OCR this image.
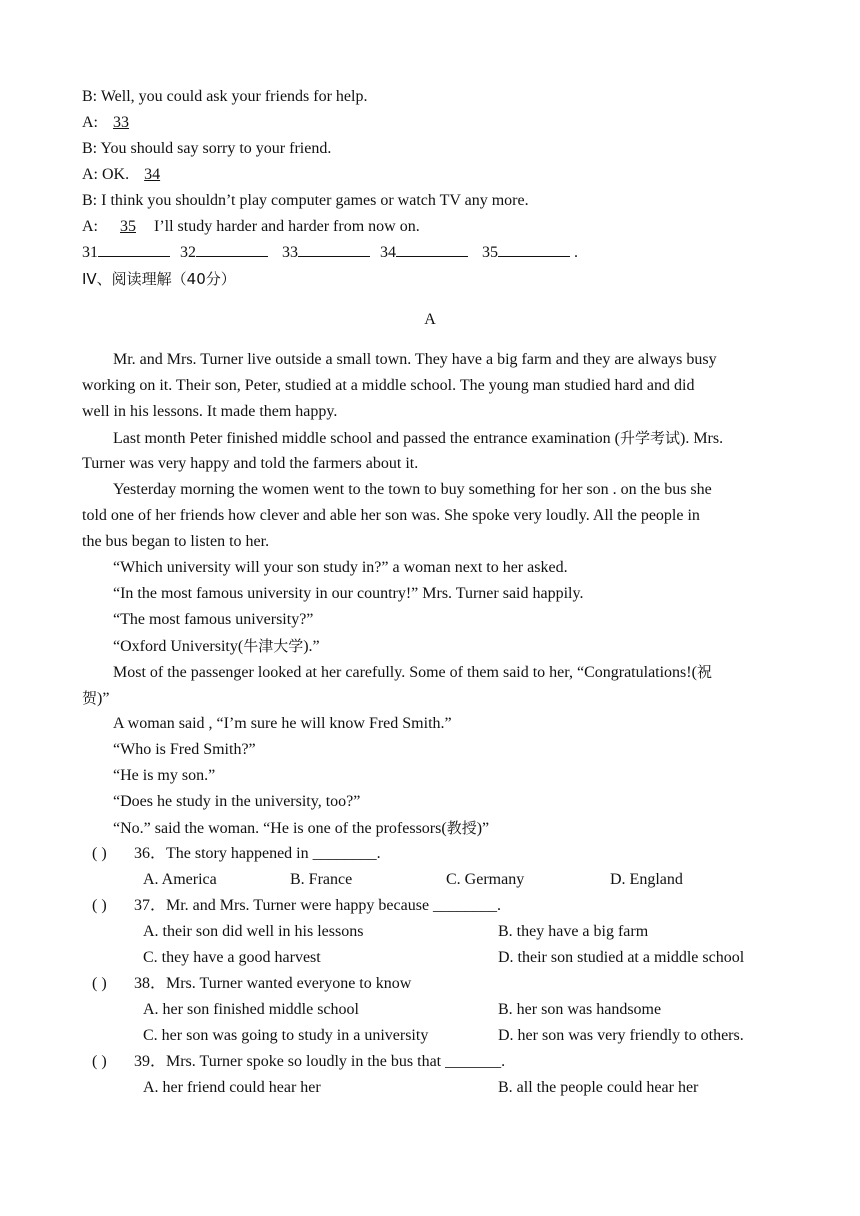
B: Well, you could ask your friends for help.
A: 33
B: You should say sorry to your friend.
A: OK. 34
B: I think you shouldn’t play computer games or watch TV any more.
A: 35 I’ll study harder and harder from now on.
31	32	33	34	35	.
IV、阅读理解（40分）
A
Mr. and Mrs. Turner live outside a small town. They have a big farm and they are always busy
working on it. Their son, Peter, studied at a middle school. The young man studied hard and did
well in his lessons. It made them happy.
Last month Peter finished middle school and passed the entrance examination (升学考试). Mrs.
Turner was very happy and told the farmers about it.
Yesterday morning the women went to the town to buy something for her son . on the bus she
told one of her friends how clever and able her son was. She spoke very loudly. All the people in
the bus began to listen to her.
“Which university will your son study in?” a woman next to her asked.
“In the most famous university in our country!” Mrs. Turner said happily.
“The most famous university?”
“Oxford University(牛津大学).”
Most of the passenger looked at her carefully. Some of them said to her, “Congratulations!(祝
贺)”
A woman said , “I’m sure he will know Fred Smith.”
“Who is Fred Smith?”
“He is my son.”
“Does he study in the university, too?”
“No.” said the woman. “He is one of the professors(教授)”
( ) 36．The story happened in ________.
A. America	B. France	C. Germany	D. England
( ) 37．Mr. and Mrs. Turner were happy because ________.
A. their son did well in his lessons	B. they have a big farm
C. they have a good harvest	D. their son studied at a middle school
( ) 38．Mrs. Turner wanted everyone to know
A. her son finished middle school	B. her son was handsome
C. her son was going to study in a university	D. her son was very friendly to others.
( ) 39．Mrs. Turner spoke so loudly in the bus that _______.
A. her friend could hear her	B. all the people could hear her
